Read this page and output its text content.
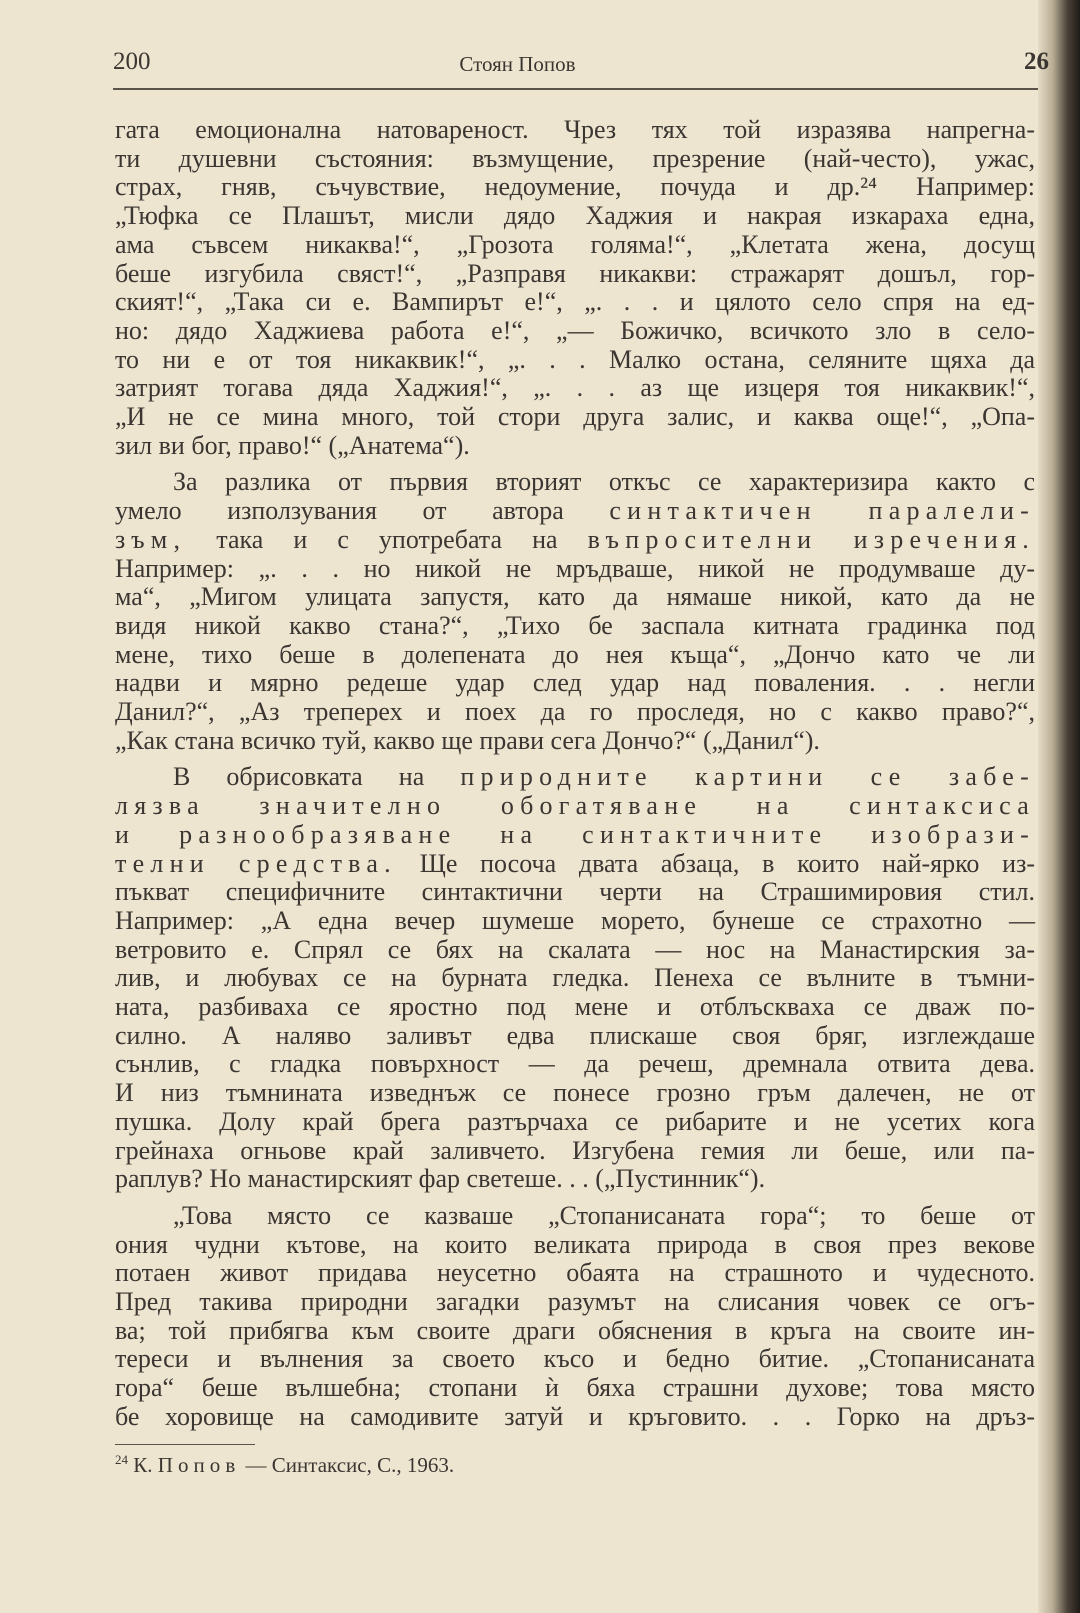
200	Стоян Попов	26
гата емоционална натовареност. Чрез тях той изразява напрегна-
ти душевни състояния: възмущение, презрение (най-често), ужас,
страх, гняв, съчувствие, недоумение, почуда и др.²⁴ Например:
„Тюфка се Плашът, мисли дядо Хаджия и накрая изкараха една,
ама съвсем никаква!“, „Грозота голяма!“, „Клетата жена, досущ
беше изгубила свяст!“, „Разправя никакви: стражарят дошъл, гор-
ският!“, „Така си е. Вампирът е!“, „. . . и цялото село спря на ед-
но: дядо Хаджиева работа е!“, „— Божичко, всичкото зло в село-
то ни е от тоя никаквик!“, „. . . Малко остана, селяните щяха да
затрият тогава дяда Хаджия!“, „. . . аз ще изцеря тоя никаквик!“,
„И не се мина много, той стори друга залис, и каква още!“, „Опа-
зил ви бог, право!“ („Анатема“).
За разлика от първия вторият откъс се характеризира както с
умело използувания от автора синтактичен паралели-
зъм, така и с употребата на въпросителни изречения.
Например: „. . . но никой не мръдваше, никой не продумваше ду-
ма“, „Мигом улицата запустя, като да нямаше никой, като да не
видя никой какво стана?“, „Тихо бе заспала китната градинка под
мене, тихо беше в долепената до нея къща“, „Дончо като че ли
надви и мярно редеше удар след удар над поваления. . . негли
Данил?“, „Аз треперех и поех да го проследя, но с какво право?“,
„Как стана всичко туй, какво ще прави сега Дончо?“ („Данил“).
В обрисовката на природните картини се забе-
лязва значително обогатяване на синтаксиса
и разнообразяване на синтактичните изобрази-
телни средства. Ще посоча двата абзаца, в които най-ярко из-
пъкват специфичните синтактични черти на Страшимировия стил.
Например: „А една вечер шумеше морето, бунеше се страхотно —
ветровито е. Спрял се бях на скалата — нос на Манастирския за-
лив, и любувах се на бурната гледка. Пенеха се вълните в тъмни-
ната, разбиваха се яростно под мене и отблъскваха се дваж по-
силно. А наляво заливът едва плискаше своя бряг, изглеждаше
сънлив, с гладка повърхност — да речеш, дремнала отвита дева.
И низ тъмнината изведнъж се понесе грозно гръм далечен, не от
пушка. Долу край брега разтърчаха се рибарите и не усетих кога
грейнаха огньове край заливчето. Изгубена гемия ли беше, или па-
раплув? Но манастирският фар светеше. . . („Пустинник“).
„Това място се казваше „Стопанисаната гора“; то беше от
ония чудни кътове, на които великата природа в своя през векове
потаен живот придава неусетно обаята на страшното и чудесното.
Пред такива природни загадки разумът на слисания човек се огъ-
ва; той прибягва към своите драги обяснения в кръга на своите ин-
тереси и вълнения за своето късо и бедно битие. „Стопанисаната
гора“ беше вълшебна; стопани ѝ бяха страшни духове; това място
бе хоровище на самодивите затуй и кръговито. . . Горко на дръз-
$^{24}$ К. Попов — Синтаксис, С., 1963.
